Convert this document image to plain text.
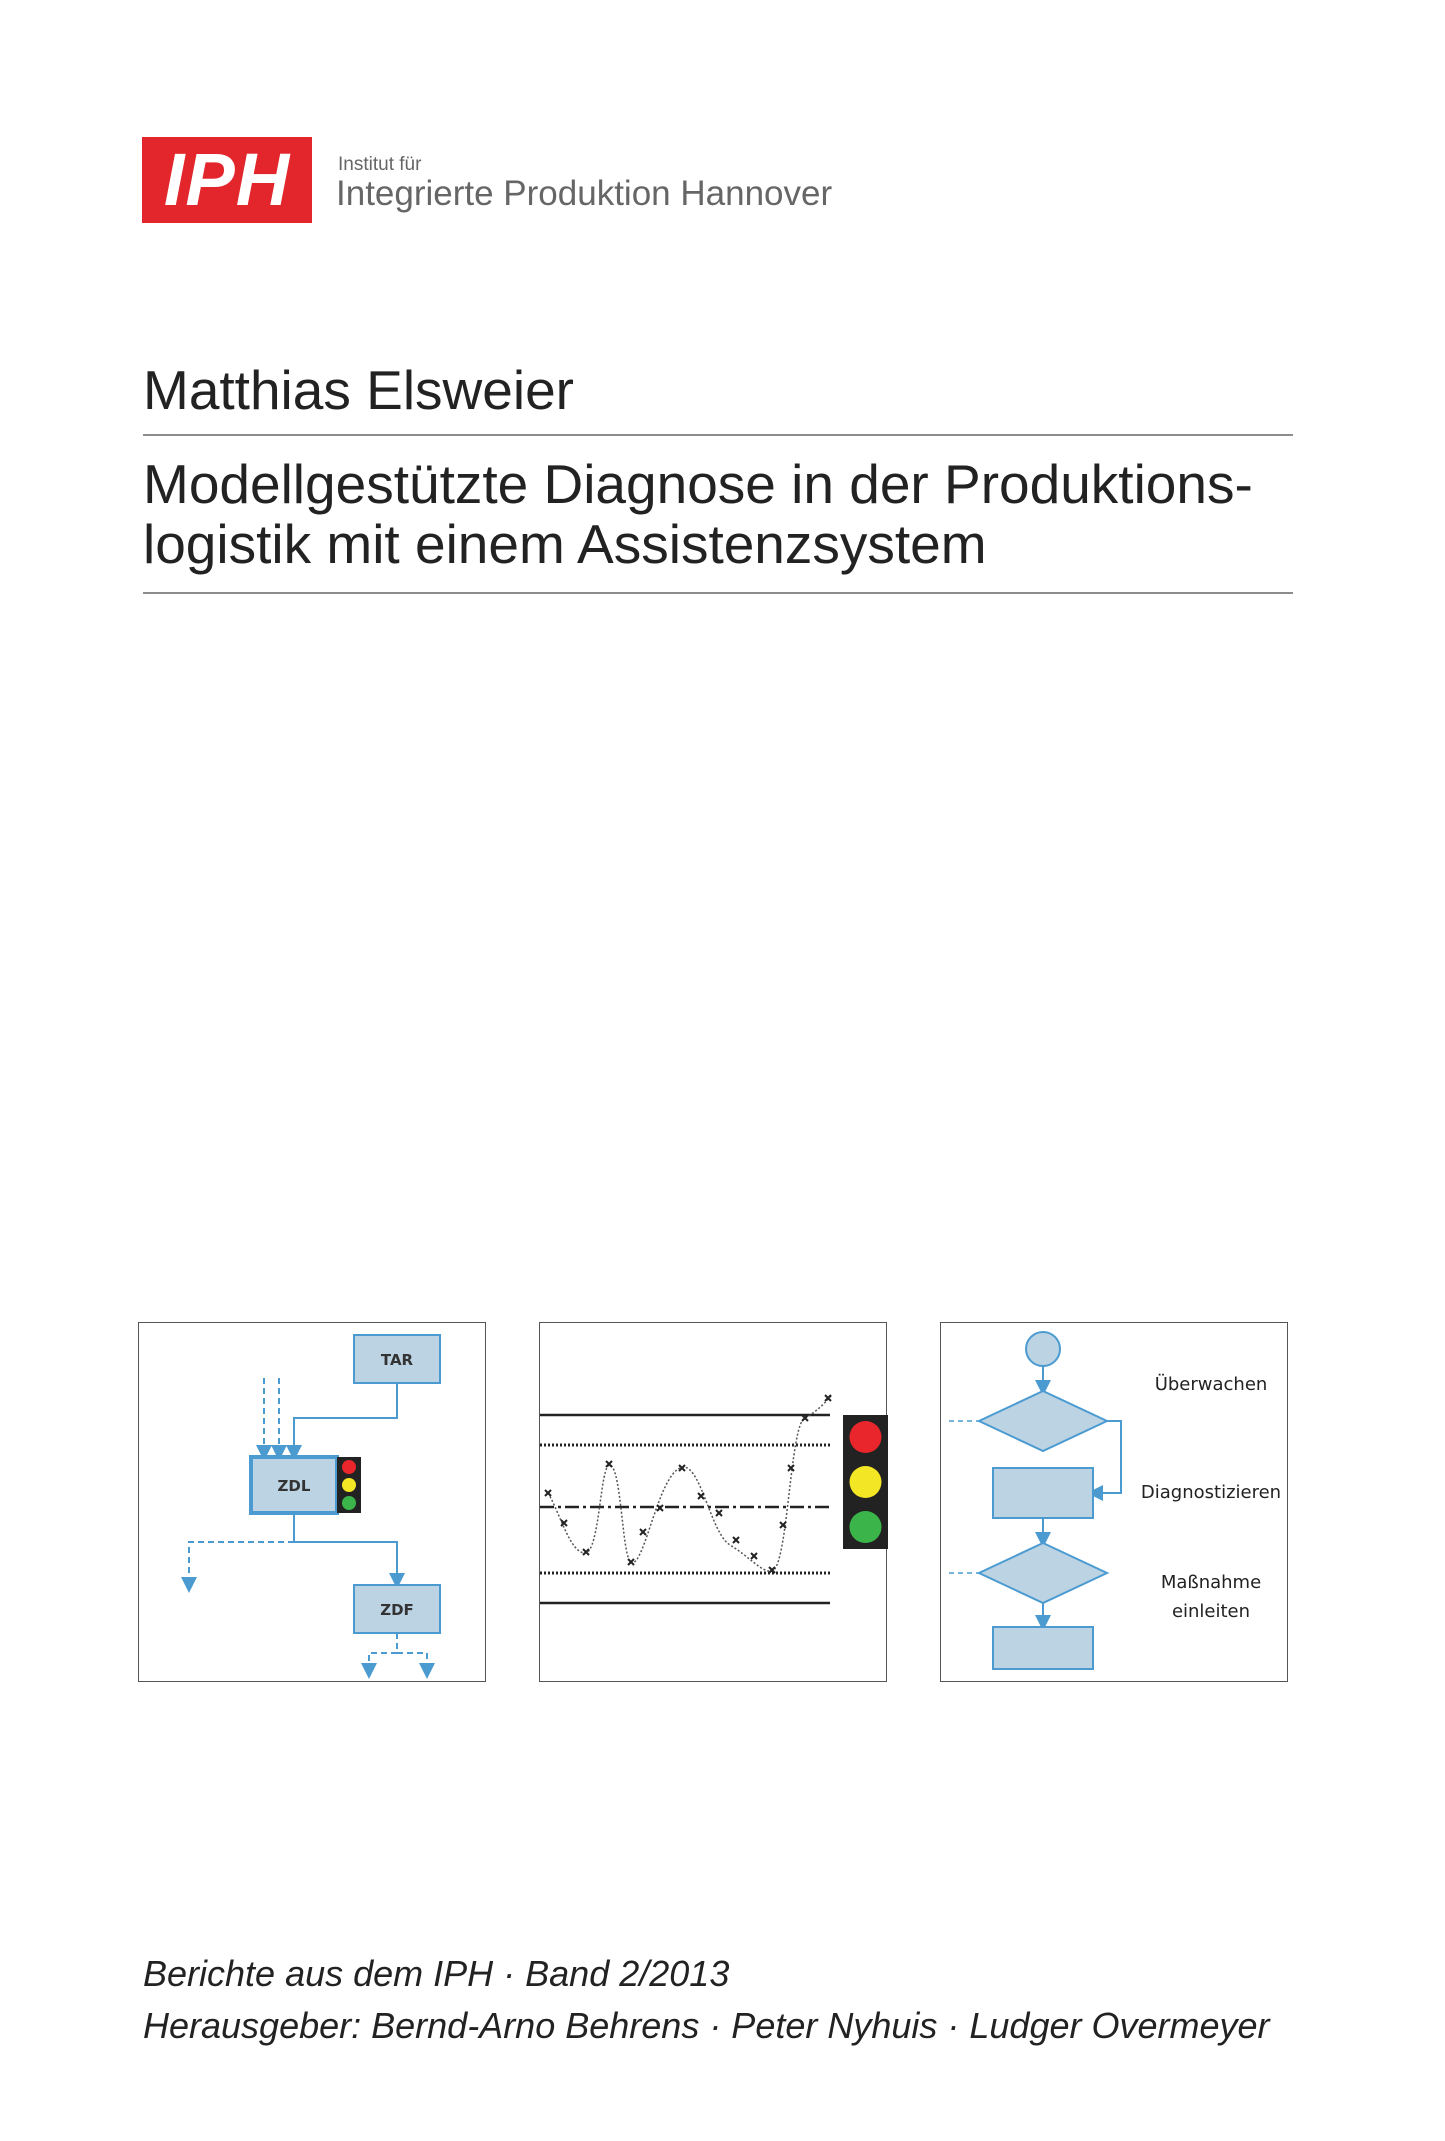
IPH	Institut für
Integrierte Produktion Hannover
Matthias Elsweier
Modellgestützte Diagnose in der Produktions-
logistik mit einem Assistenzsystem
TAR
ZDL
ZDF
Überwachen
Diagnostizieren
Maßnahme
einleiten
Berichte aus dem IPH · Band 2/2013
Herausgeber: Bernd-Arno Behrens · Peter Nyhuis · Ludger Overmeyer
